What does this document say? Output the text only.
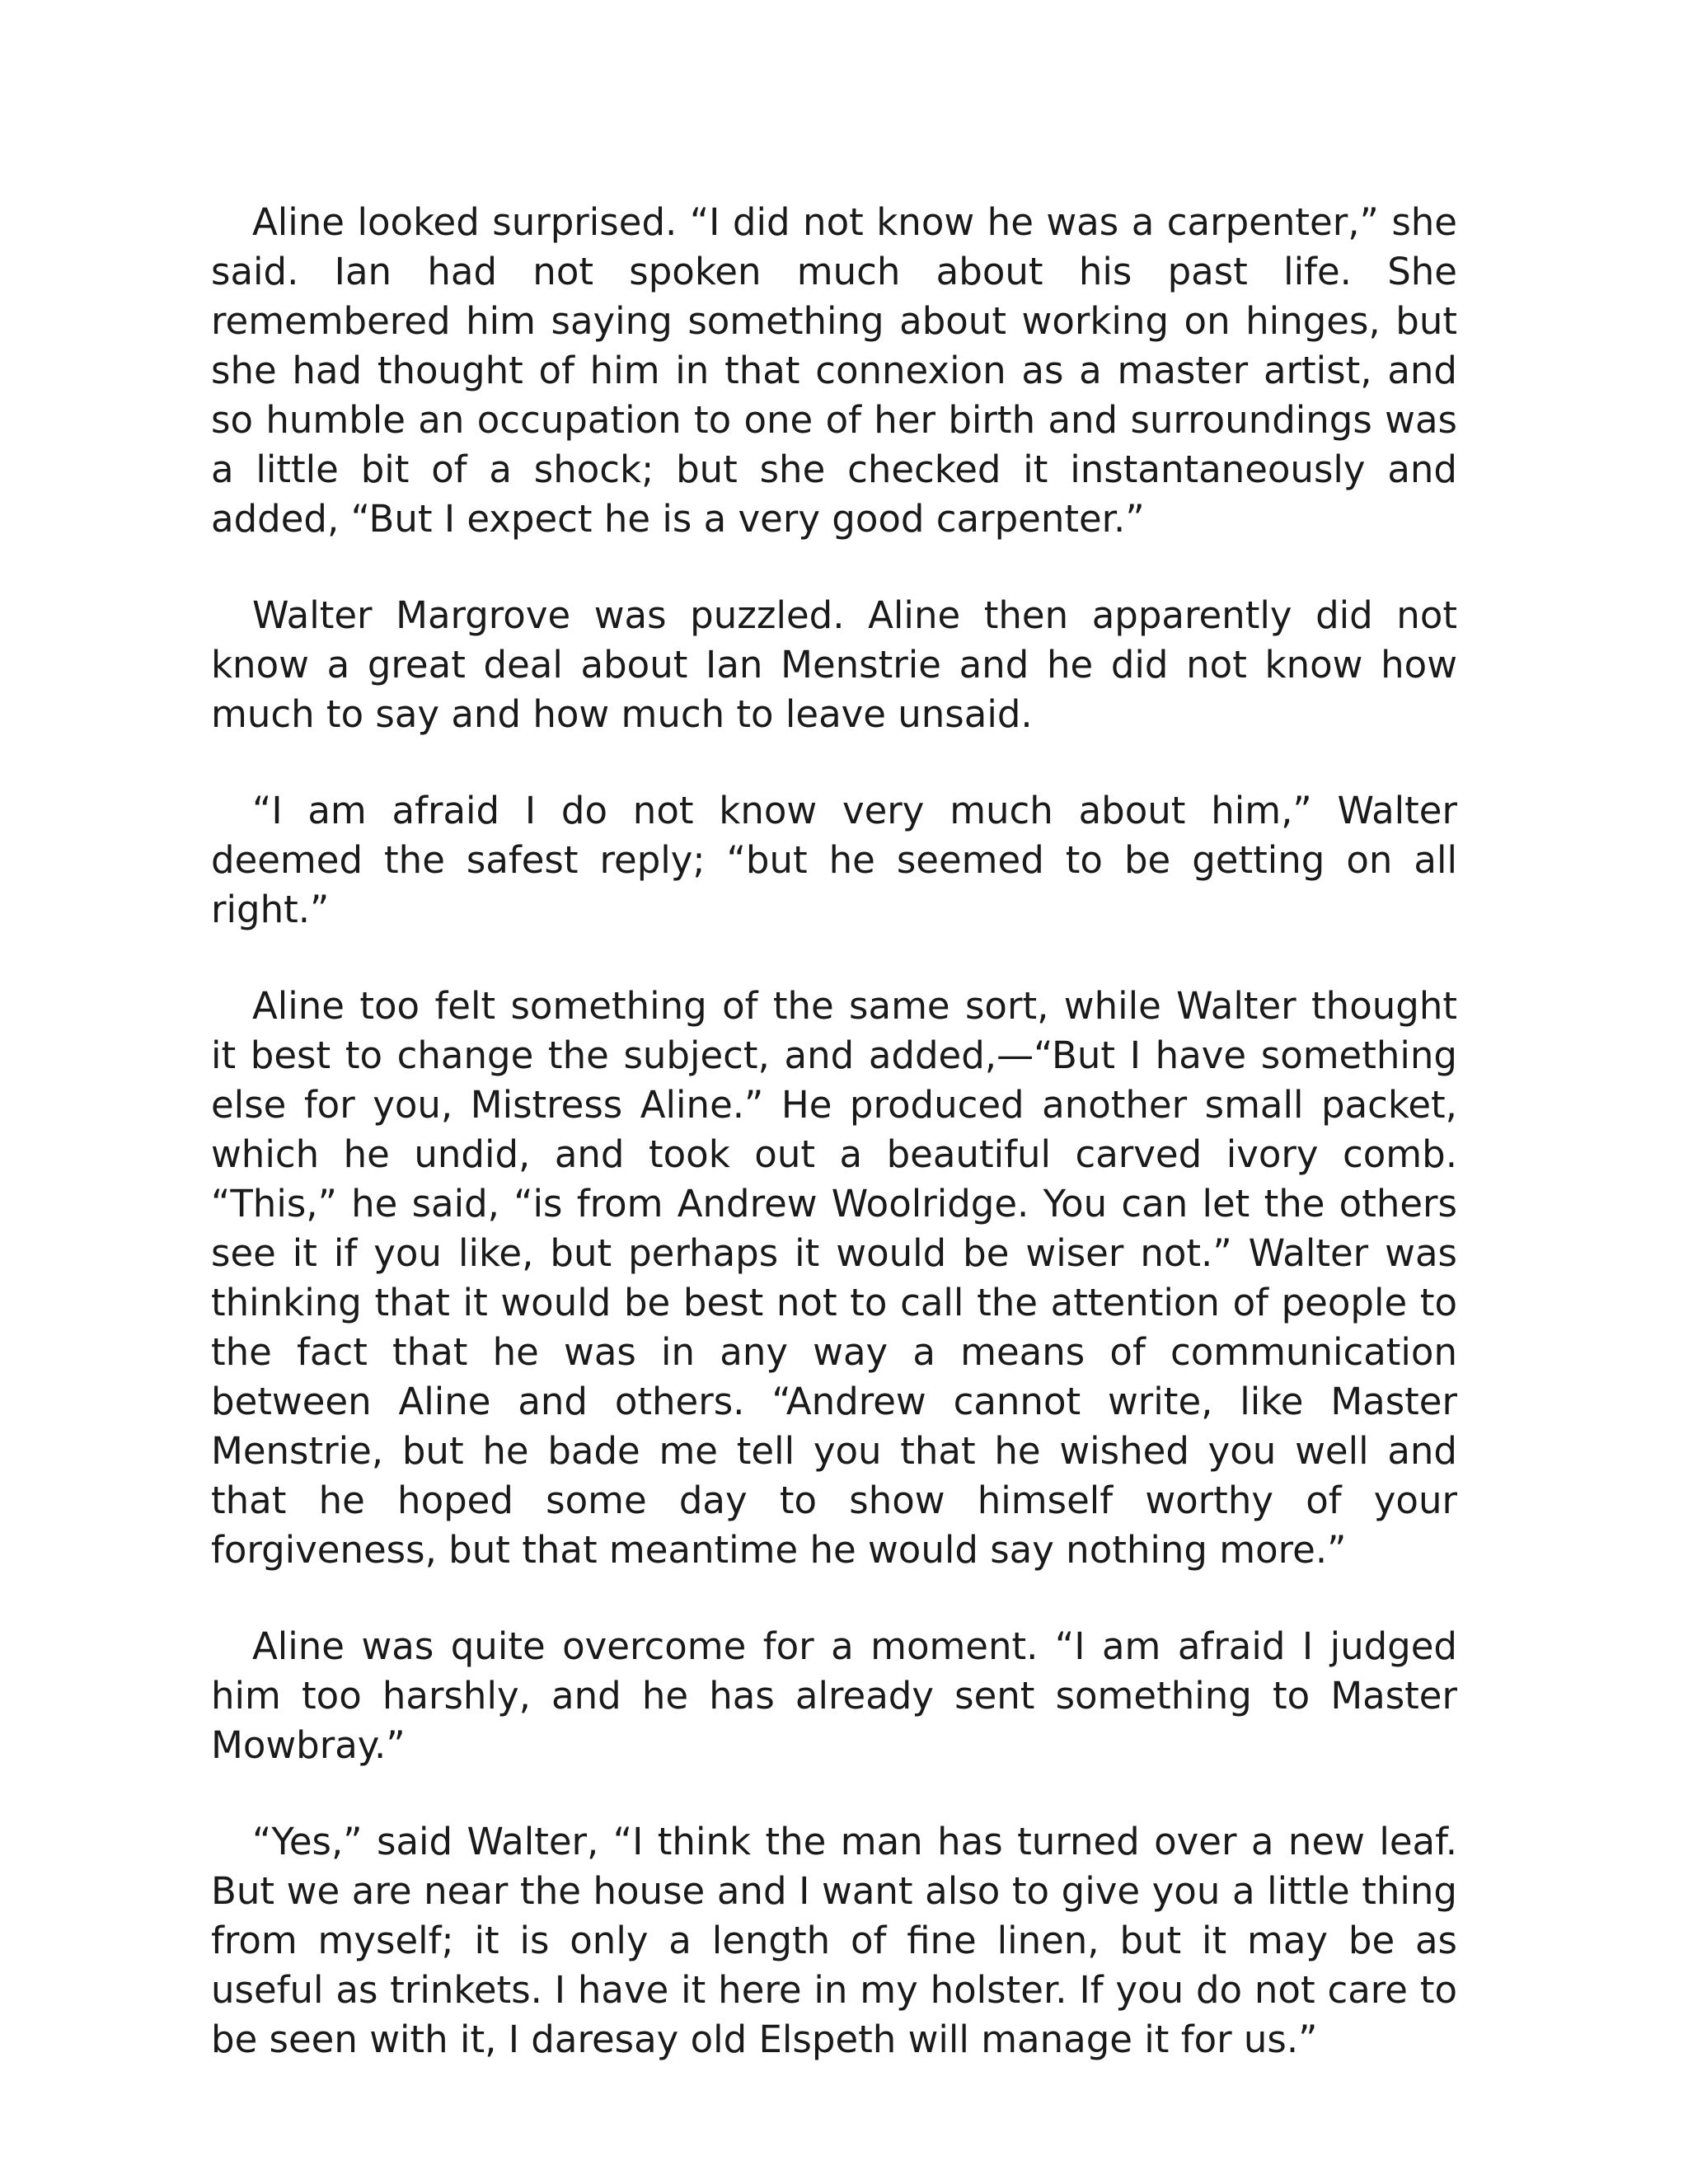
Aline looked surprised. “I did not know he was a carpenter,” she said. Ian had not spoken much about his past life. She remembered him saying something about working on hinges, but she had thought of him in that connexion as a master artist, and so humble an occupation to one of her birth and surroundings was a little bit of a shock; but she checked it instantaneously and added, “But I expect he is a very good carpenter.”

Walter Margrove was puzzled. Aline then apparently did not know a great deal about Ian Menstrie and he did not know how much to say and how much to leave unsaid.

“I am afraid I do not know very much about him,” Walter deemed the safest reply; “but he seemed to be getting on all right.”

Aline too felt something of the same sort, while Walter thought it best to change the subject, and added,—“But I have something else for you, Mistress Aline.” He produced another small packet, which he undid, and took out a beautiful carved ivory comb. “This,” he said, “is from Andrew Woolridge. You can let the others see it if you like, but perhaps it would be wiser not.” Walter was thinking that it would be best not to call the attention of people to the fact that he was in any way a means of communication between Aline and others. “Andrew cannot write, like Master Menstrie, but he bade me tell you that he wished you well and that he hoped some day to show himself worthy of your forgiveness, but that meantime he would say nothing more.”

Aline was quite overcome for a moment. “I am afraid I judged him too harshly, and he has already sent something to Master Mowbray.”

“Yes,” said Walter, “I think the man has turned over a new leaf. But we are near the house and I want also to give you a little thing from myself; it is only a length of fine linen, but it may be as useful as trinkets. I have it here in my holster. If you do not care to be seen with it, I daresay old Elspeth will manage it for us.”
